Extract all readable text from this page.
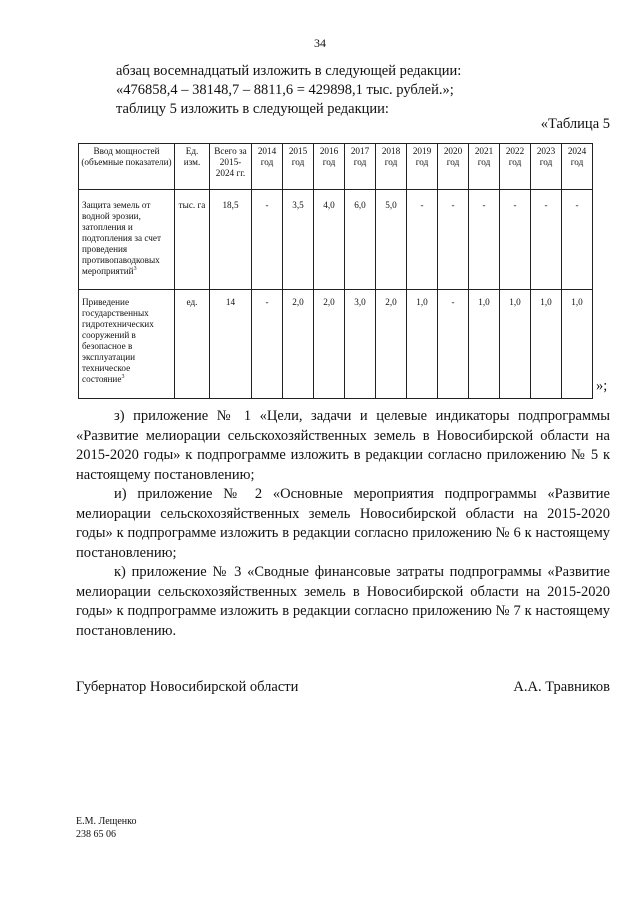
34
абзац восемнадцатый изложить в следующей редакции:
«476858,4 – 38148,7 – 8811,6 = 429898,1 тыс. рублей.»;
таблицу 5 изложить в следующей редакции:
«Таблица 5
Ввод мощностей (объемные показатели)	Ед. изм.	Всего за 2015-2024 гг.	2014 год	2015 год	2016 год	2017 год	2018 год	2019 год	2020 год	2021 год	2022 год	2023 год	2024 год
Защита земель от водной эрозии, затопления и подтопления за счет проведения противопаводковых мероприятий$^3$	тыс. га	18,5	-	3,5	4,0	6,0	5,0	-	-	-	-	-	-
Приведение государственных гидротехнических сооружений в безопасное в эксплуатации техническое состояние$^3$	ед.	14	-	2,0	2,0	3,0	2,0	1,0	-	1,0	1,0	1,0	1,0
»;

з) приложение № 1 «Цели, задачи и целевые индикаторы подпрограммы «Развитие мелиорации сельскохозяйственных земель в Новосибирской области на 2015-2020 годы» к подпрограмме изложить в редакции согласно приложению № 5 к настоящему постановлению;

и) приложение № 2 «Основные мероприятия подпрограммы «Развитие мелиорации сельскохозяйственных земель Новосибирской области на 2015-2020 годы» к подпрограмме изложить в редакции согласно приложению № 6 к настоящему постановлению;

к) приложение № 3 «Сводные финансовые затраты подпрограммы «Развитие мелиорации сельскохозяйственных земель в Новосибирской области на 2015-2020 годы» к подпрограмме изложить в редакции согласно приложению № 7 к настоящему постановлению.

Губернатор Новосибирской области	А.А. Травников
Е.М. Лещенко
238 65 06
